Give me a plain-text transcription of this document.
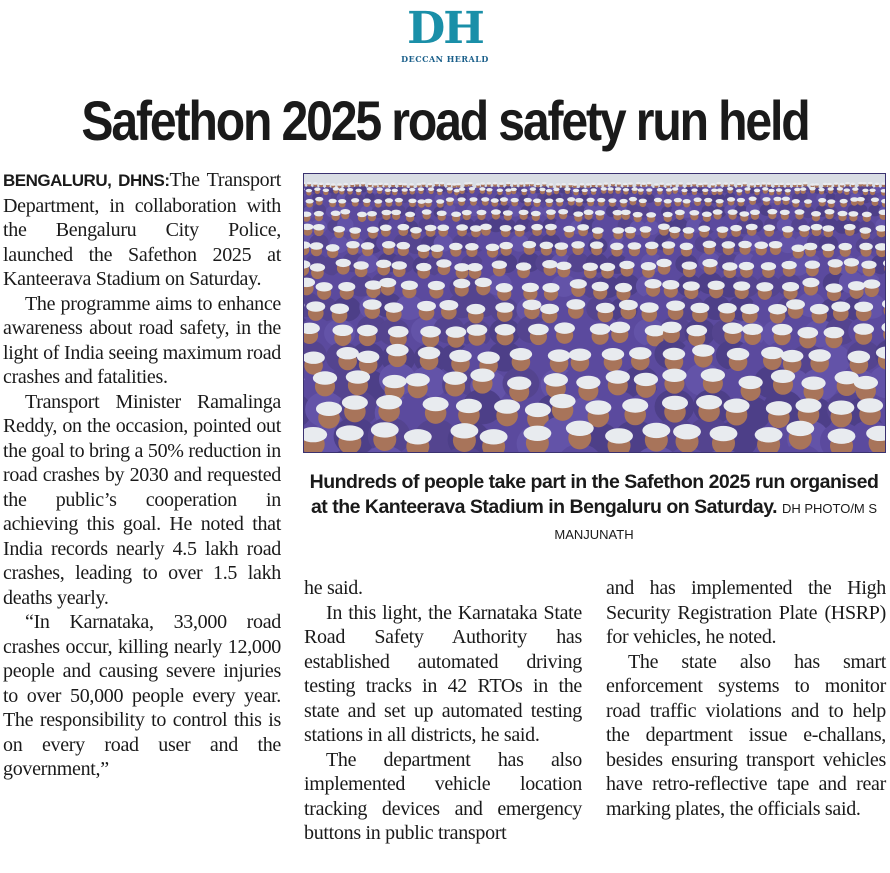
DH
DECCAN HERALD
Safethon 2025 road safety run held

BENGALURU, DHNS:The Transport Department, in collaboration with the Bengaluru City Police, launched the Safethon 2025 at Kanteerava Stadium on Saturday.

The programme aims to enhance awareness about road safety, in the light of India seeing maximum road crashes and fatalities.

Transport Minister Ramalinga Reddy, on the occasion, pointed out the goal to bring a 50% reduction in road crashes by 2030 and requested the public’s cooperation in achieving this goal. He noted that India records nearly 4.5 lakh road crashes, leading to over 1.5 lakh deaths yearly.

“In Karnataka, 33,000 road crashes occur, killing nearly 12,000 people and causing severe injuries to over 50,000 people every year. The responsibility to control this is on every road user and the government,”

Hundreds of people take part in the Safethon 2025 run organised at the Kanteerava Stadium in Bengaluru on Saturday. DH PHOTO/M S MANJUNATH

he said.

In this light, the Karnataka State Road Safety Authority has established automated driving testing tracks in 42 RTOs in the state and set up automated testing stations in all districts, he said.

The department has also implemented vehicle location tracking devices and emergency buttons in public transport

and has implemented the High Security Registration Plate (HSRP) for vehicles, he noted.

The state also has smart enforcement systems to monitor road traffic violations and to help the department issue e-challans, besides ensuring transport vehicles have retro-reflective tape and rear marking plates, the officials said.
